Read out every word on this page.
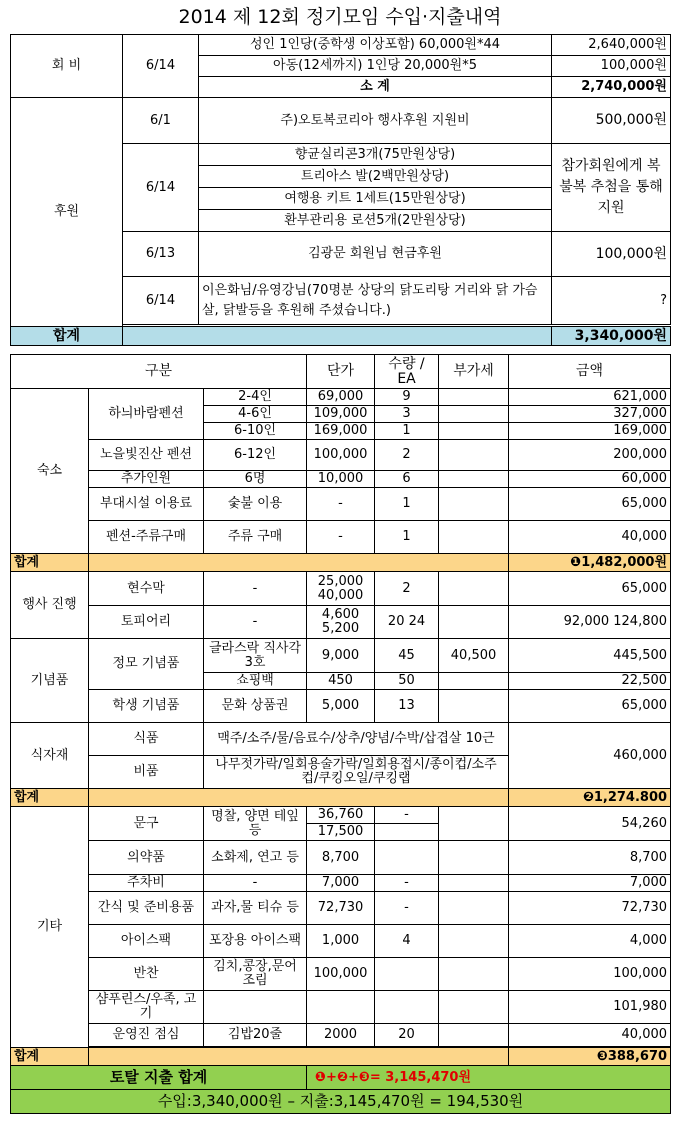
2014 제 12회 정기모임 수입·지출내역
회 비	6/14	성인 1인당(중학생 이상포함) 60,000원*44	2,640,000원
		아동(12세까지) 1인당 20,000원*5	100,000원
		소 계	2,740,000원
후원	6/1	주)오토복코리아 행사후원 지원비	500,000원
	6/14	향균실리콘3개(75만원상당)	참가회원에게 복불복 추첨을 통해 지원
		트리아스 발(2백만원상당)	
		여행용 키트 1세트(15만원상당)	
		환부관리용 로션5개(2만원상당)	
	6/13	김광문 회원님 현금후원	100,000원
	6/14	이은화님/유영강님(70명분 상당의 닭도리탕 거리와 닭 가슴살, 닭발등을 후원해 주셨습니다.)	?

합계			3,340,000원
구분			단가	수량 / EA	부가세	금액
숙소	하늬바람펜션	2-4인	69,000	9		621,000
		4-6인	109,000	3		327,000
		6-10인	169,000	1		169,000
	노을빛진산 펜션	6-12인	100,000	2		200,000
	추가인원	6명	10,000	6		60,000
	부대시설 이용료	숯불 이용	-	1		65,000
	펜션-주류구매	주류 구매	-	1		40,000
합계						❶1,482,000원
행사 진행	현수막	-	25,000 40,000	2		65,000
	토피어리	-	4,600 5,200	20 24		92,000 124,800
기념품	정모 기념품	글라스락 직사각3호	9,000	45	40,500	445,500
		쇼핑백	450	50		22,500
	학생 기념품	문화 상품권	5,000	13		65,000
식자재	식품	맥주/소주/물/음료수/상추/양념/수박/삽겹살 10근				460,000
	비품	나무젓가락/일회용술가락/일회용접시/종이컵/소주컵/쿠킹오일/쿠킹랩				
합계						❷1,274.800
기타	문구	명찰, 양면 테잎 등	36,760	-		54,260
			17,500			
	의약품	소화제, 연고 등	8,700			8,700
	주차비	-	7,000	-		7,000
	간식 및 준비용품	과자,물 티슈 등	72,730	-		72,730
	아이스팩	포장용 아이스팩	1,000	4		4,000
	반찬	김치,콩장,문어조림	100,000			100,000
	샴푸린스/우족, 고기					101,980
	운영진 점심	김밥20줄	2000	20		40,000

합계						❸388,670
토탈 지출 합계			❶+❷+❸= 3,145,470원			
수입:3,340,000원 – 지출:3,145,470원 = 194,530원						
